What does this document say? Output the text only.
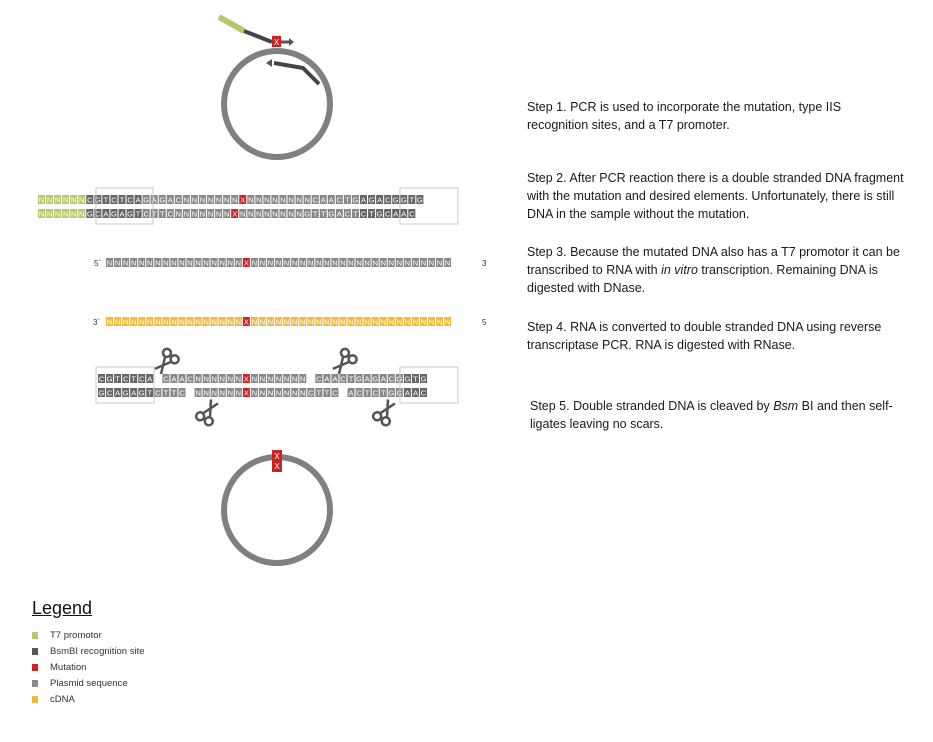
X
N N N N N N C G T C T C A G A G A C N N N N N N N X N N N N N N N N C A A C T G A G A C G G T G
N N N N N N G C A G A G T C T T C N N N N N N N X N N N N N N N N G T T G A C T C T G C A A C
5` N N N N N N N N N N N N N N N N N X N N N N N N N N N N N N N N N N N N N N N N N N N	3
3` N N N N N N N N N N N N N N N N N X N N N N N N N N N N N N N N N N N N N N N N N N N	5
C G T C T C A C A A C N N N N N N X N N N N N N N C A A C T G A G A C G G T G
G C A G A G T C T T C N N N N N N X N N N N N N N C T T C A C T C T G C A A C
X
X
Step 1. PCR is used to incorporate the mutation, type IIS recognition sites, and a T7 promoter.
Step 2. After PCR reaction there is a double stranded DNA fragment with the mutation and desired elements. Unfortunately, there is still DNA in the sample without the mutation.
Step 3. Because the mutated DNA also has a T7 promotor it can be transcribed to RNA with in vitro transcription. Remaining DNA is digested with DNase.
Step 4. RNA is converted to double stranded DNA using reverse transcriptase PCR. RNA is digested with RNase.
Step 5. Double stranded DNA is cleaved by Bsm BI and then self-ligates leaving no scars.
Legend
T7 promotor
BsmBI recognition site
Mutation
Plasmid sequence
cDNA
